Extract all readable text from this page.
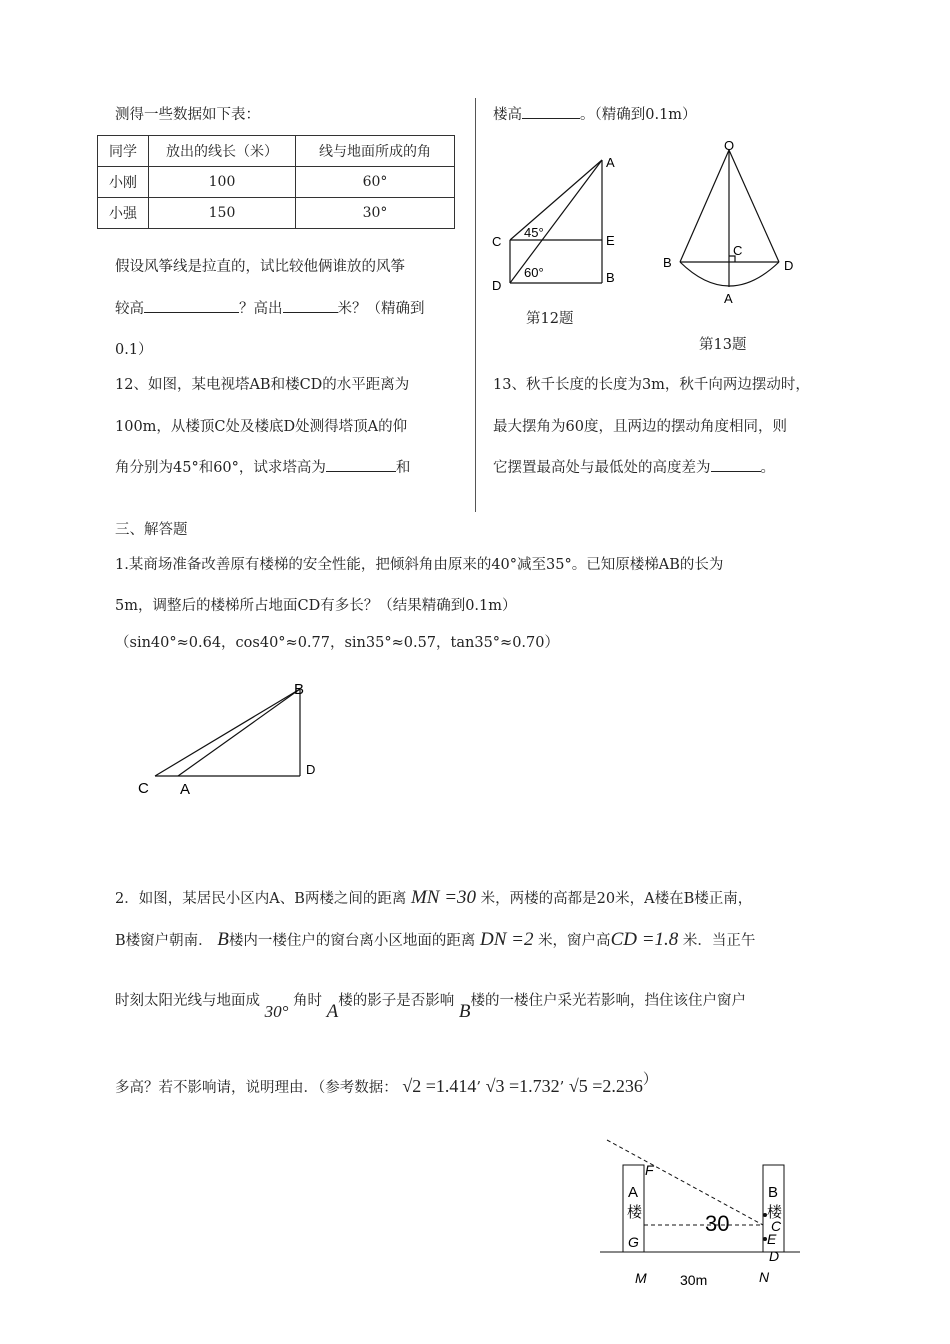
测得一些数据如下表：
同学	放出的线长（米）	线与地面所成的角
小刚	100	60°
小强	150	30°
假设风筝线是拉直的，试比较他俩谁放的风筝
较高	？高出	米？（精确到
0.1）
12、如图，某电视塔AB和楼CD的水平距离为
100m，从楼顶C处及楼底D处测得塔顶A的仰
角分别为45°和60°，试求塔高为	和
楼高	。（精确到0.1m）
A
C	E
D
B
45°
60°
第12题
O
B
C
D
A
第13题
13、秋千长度的长度为3m，秋千向两边摆动时，
最大摆角为60度，且两边的摆动角度相同，则
它摆置最高处与最低处的高度差为	。
三、解答题
1.某商场准备改善原有楼梯的安全性能，把倾斜角由原来的40°减至35°。已知原楼梯AB的长为
5m，调整后的楼梯所占地面CD有多长？（结果精确到0.1m）
（sin40°≈0.64，cos40°≈0.77，sin35°≈0.57，tan35°≈0.70）
B
C A
D
2．如图，某居民小区内A、B两楼之间的距离 MN =30 米，两楼的高都是20米，A楼在B楼正南，
B楼窗户朝南． B楼内一楼住户的窗台离小区地面的距离 DN =2 米，窗户高CD =1.8 米．当正午
时刻太阳光线与地面成 30° 角时 A楼的影子是否影响 B楼的一楼住户采光若影响，挡住该住户窗户
多高？若不影响请，说明理由．（参考数据： √2 =1.414’ √3 =1.732’ √5 =2.236）
A
楼
B
楼
F
G
C
E
D
M	N
30
30m
